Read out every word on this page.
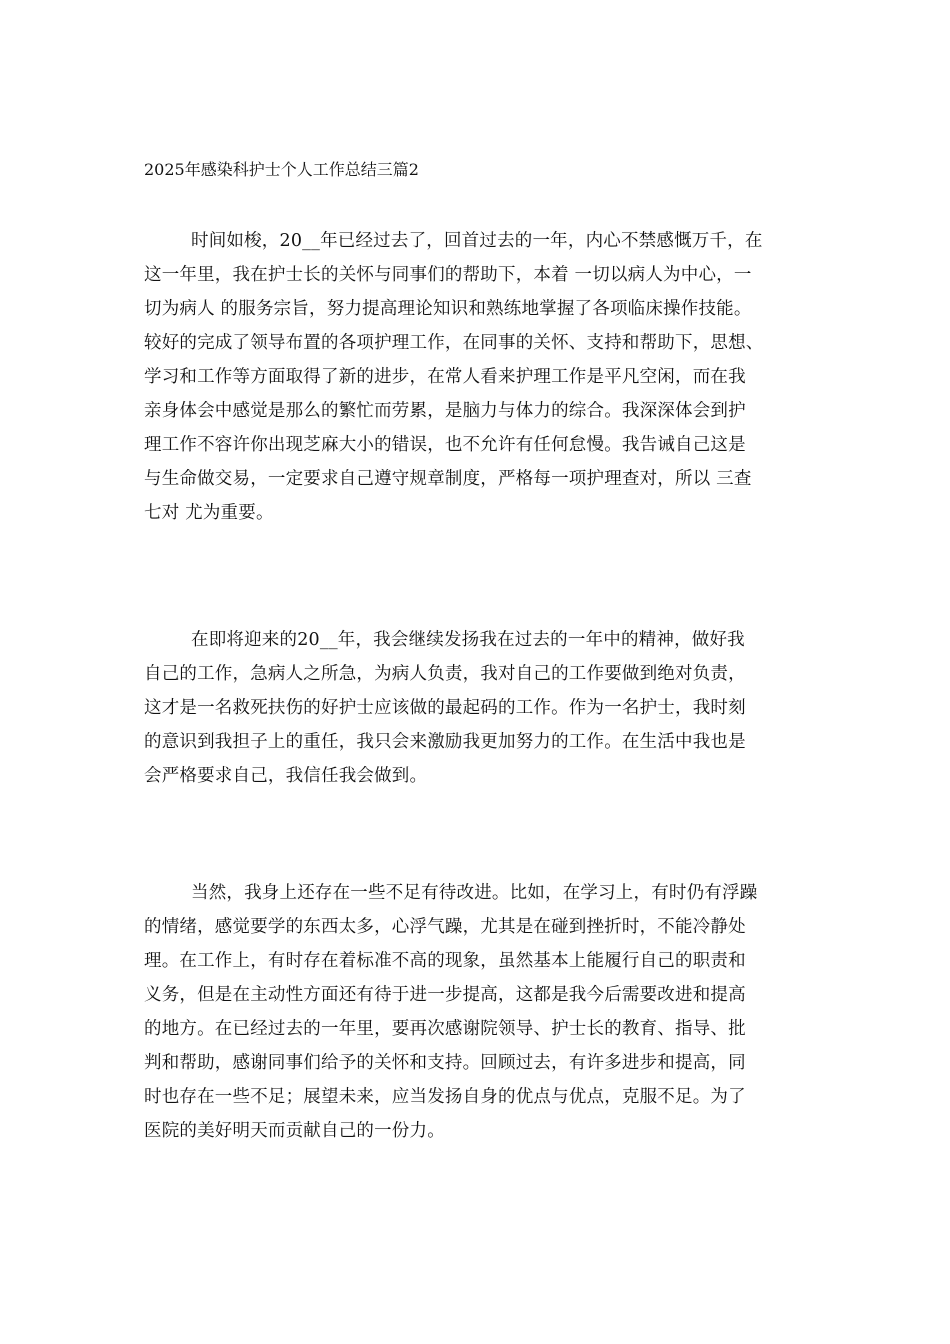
2025年感染科护士个人工作总结三篇2
时间如梭，20__年已经过去了，回首过去的一年，内心不禁感慨万千，在
这一年里，我在护士长的关怀与同事们的帮助下，本着 一切以病人为中心，一
切为病人 的服务宗旨，努力提高理论知识和熟练地掌握了各项临床操作技能。
较好的完成了领导布置的各项护理工作，在同事的关怀、支持和帮助下，思想、
学习和工作等方面取得了新的进步，在常人看来护理工作是平凡空闲，而在我
亲身体会中感觉是那么的繁忙而劳累，是脑力与体力的综合。我深深体会到护
理工作不容许你出现芝麻大小的错误，也不允许有任何怠慢。我告诫自己这是
与生命做交易，一定要求自己遵守规章制度，严格每一项护理查对，所以 三查
七对 尤为重要。
在即将迎来的20__年，我会继续发扬我在过去的一年中的精神，做好我
自己的工作，急病人之所急，为病人负责，我对自己的工作要做到绝对负责，
这才是一名救死扶伤的好护士应该做的最起码的工作。作为一名护士，我时刻
的意识到我担子上的重任，我只会来激励我更加努力的工作。在生活中我也是
会严格要求自己，我信任我会做到。
当然，我身上还存在一些不足有待改进。比如，在学习上，有时仍有浮躁
的情绪，感觉要学的东西太多，心浮气躁，尤其是在碰到挫折时，不能冷静处
理。在工作上，有时存在着标准不高的现象，虽然基本上能履行自己的职责和
义务，但是在主动性方面还有待于进一步提高，这都是我今后需要改进和提高
的地方。在已经过去的一年里，要再次感谢院领导、护士长的教育、指导、批
判和帮助，感谢同事们给予的关怀和支持。回顾过去，有许多进步和提高，同
时也存在一些不足；展望未来，应当发扬自身的优点与优点，克服不足。为了
医院的美好明天而贡献自己的一份力。
